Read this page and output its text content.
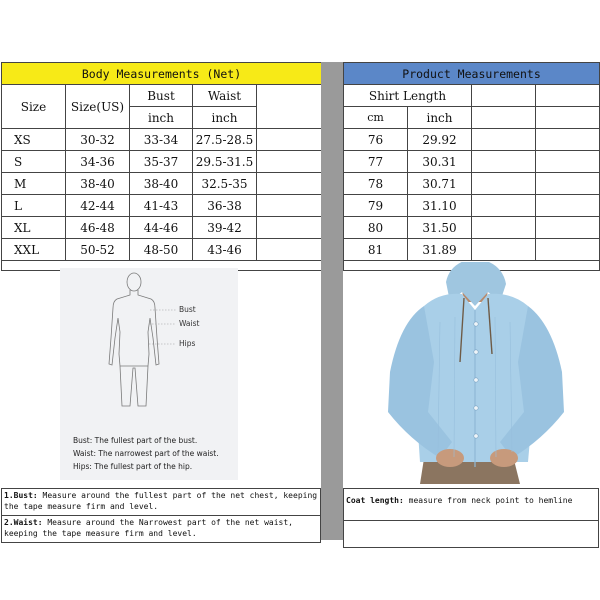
Body Measurements (Net)				
Size	Size(US)	Bust	Waist	
		inch	inch	
XS	30-32	33-34	27.5-28.5	
S	34-36	35-37	29.5-31.5	
M	38-40	38-40	32.5-35	
L	42-44	41-43	36-38	
XL	46-48	44-46	39-42	
XXL	50-52	48-50	43-46	

Product Measurements			
Shirt Length			
cm	inch		
76	29.92		
77	30.31		
78	30.71		
79	31.10		
80	31.50		
81	31.89		

Bust
Waist
Hips
Bust: The fullest part of the bust.
Waist: The narrowest part of the waist.
Hips: The fullest part of the hip.
1.Bust: Measure around the fullest part of the net chest, keeping the tape measure firm and level.
2.Waist: Measure around the Narrowest part of the net waist, keeping the tape measure firm and level.
Coat length: measure from neck point to hemline
